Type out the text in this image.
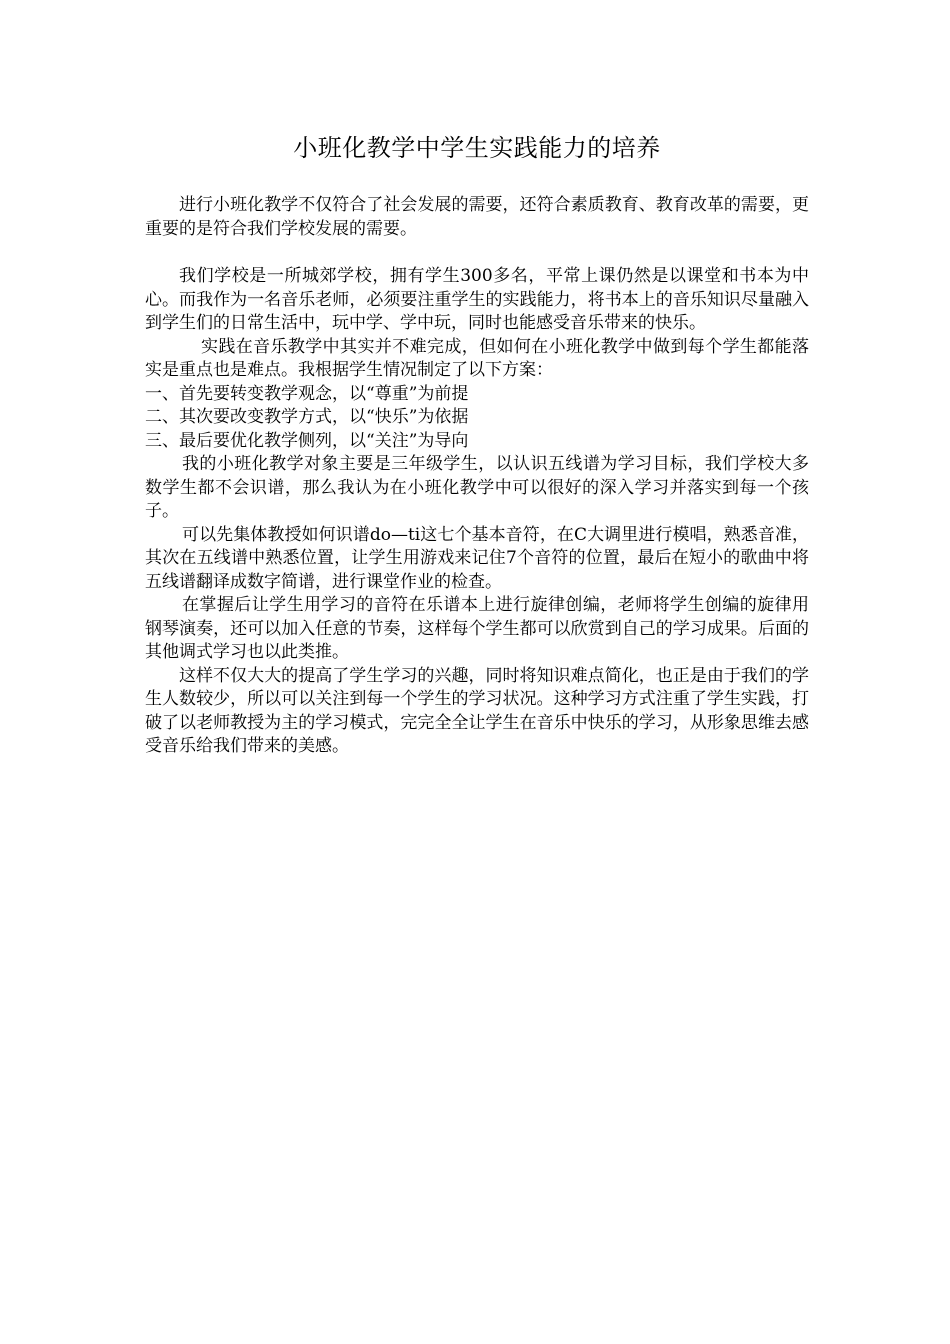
小班化教学中学生实践能力的培养

进行小班化教学不仅符合了社会发展的需要，还符合素质教育、教育改革的需要，更重要的是符合我们学校发展的需要。

我们学校是一所城郊学校，拥有学生300多名，平常上课仍然是以课堂和书本为中心。而我作为一名音乐老师，必须要注重学生的实践能力，将书本上的音乐知识尽量融入到学生们的日常生活中，玩中学、学中玩，同时也能感受音乐带来的快乐。

实践在音乐教学中其实并不难完成，但如何在小班化教学中做到每个学生都能落实是重点也是难点。我根据学生情况制定了以下方案：

一、首先要转变教学观念，以“尊重”为前提

二、其次要改变教学方式，以“快乐”为依据

三、最后要优化教学侧列，以“关注”为导向

我的小班化教学对象主要是三年级学生，以认识五线谱为学习目标，我们学校大多数学生都不会识谱，那么我认为在小班化教学中可以很好的深入学习并落实到每一个孩子。

可以先集体教授如何识谱do—ti这七个基本音符，在C大调里进行模唱，熟悉音准，其次在五线谱中熟悉位置，让学生用游戏来记住7个音符的位置，最后在短小的歌曲中将五线谱翻译成数字简谱，进行课堂作业的检查。

在掌握后让学生用学习的音符在乐谱本上进行旋律创编，老师将学生创编的旋律用钢琴演奏，还可以加入任意的节奏，这样每个学生都可以欣赏到自己的学习成果。后面的其他调式学习也以此类推。

这样不仅大大的提高了学生学习的兴趣，同时将知识难点简化，也正是由于我们的学生人数较少，所以可以关注到每一个学生的学习状况。这种学习方式注重了学生实践，打破了以老师教授为主的学习模式，完完全全让学生在音乐中快乐的学习，从形象思维去感受音乐给我们带来的美感。
